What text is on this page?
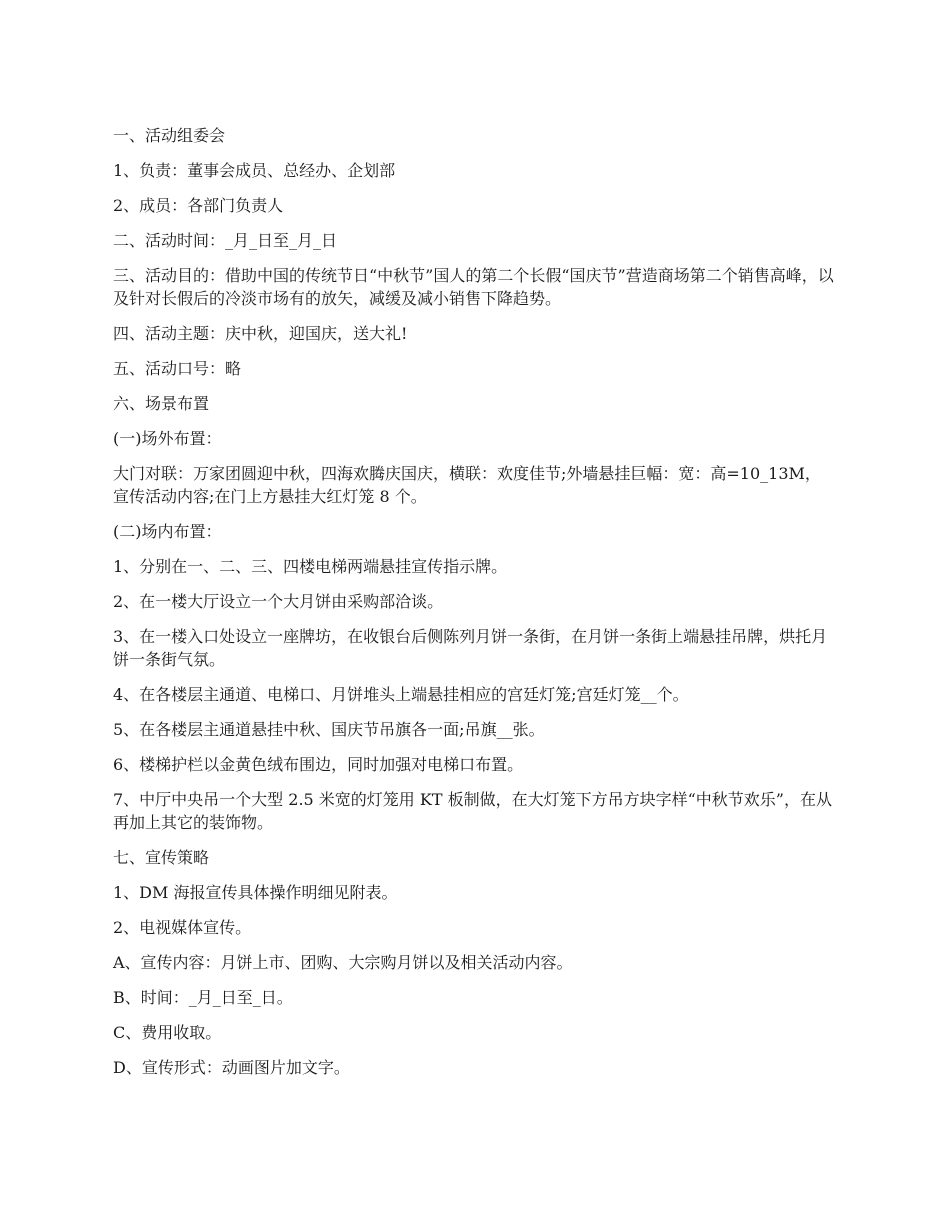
一、活动组委会

1、负责：董事会成员、总经办、企划部

2、成员：各部门负责人

二、活动时间：_月_日至_月_日

三、活动目的：借助中国的传统节日“中秋节”国人的第二个长假“国庆节”营造商场第二个销售高峰，以及针对长假后的冷淡市场有的放矢，减缓及减小销售下降趋势。

四、活动主题：庆中秋，迎国庆，送大礼!

五、活动口号：略

六、场景布置

(一)场外布置：

大门对联：万家团圆迎中秋，四海欢腾庆国庆，横联：欢度佳节;外墙悬挂巨幅：宽：高=10_13M，宣传活动内容;在门上方悬挂大红灯笼 8 个。

(二)场内布置：

1、分别在一、二、三、四楼电梯两端悬挂宣传指示牌。

2、在一楼大厅设立一个大月饼由采购部洽谈。

3、在一楼入口处设立一座牌坊，在收银台后侧陈列月饼一条街，在月饼一条街上端悬挂吊牌，烘托月饼一条街气氛。

4、在各楼层主通道、电梯口、月饼堆头上端悬挂相应的宫廷灯笼;宫廷灯笼__个。

5、在各楼层主通道悬挂中秋、国庆节吊旗各一面;吊旗__张。

6、楼梯护栏以金黄色绒布围边，同时加强对电梯口布置。

7、中厅中央吊一个大型 2.5 米宽的灯笼用 KT 板制做，在大灯笼下方吊方块字样“中秋节欢乐”，在从再加上其它的装饰物。

七、宣传策略

1、DM 海报宣传具体操作明细见附表。

2、电视媒体宣传。

A、宣传内容：月饼上市、团购、大宗购月饼以及相关活动内容。

B、时间：_月_日至_日。

C、费用收取。

D、宣传形式：动画图片加文字。
